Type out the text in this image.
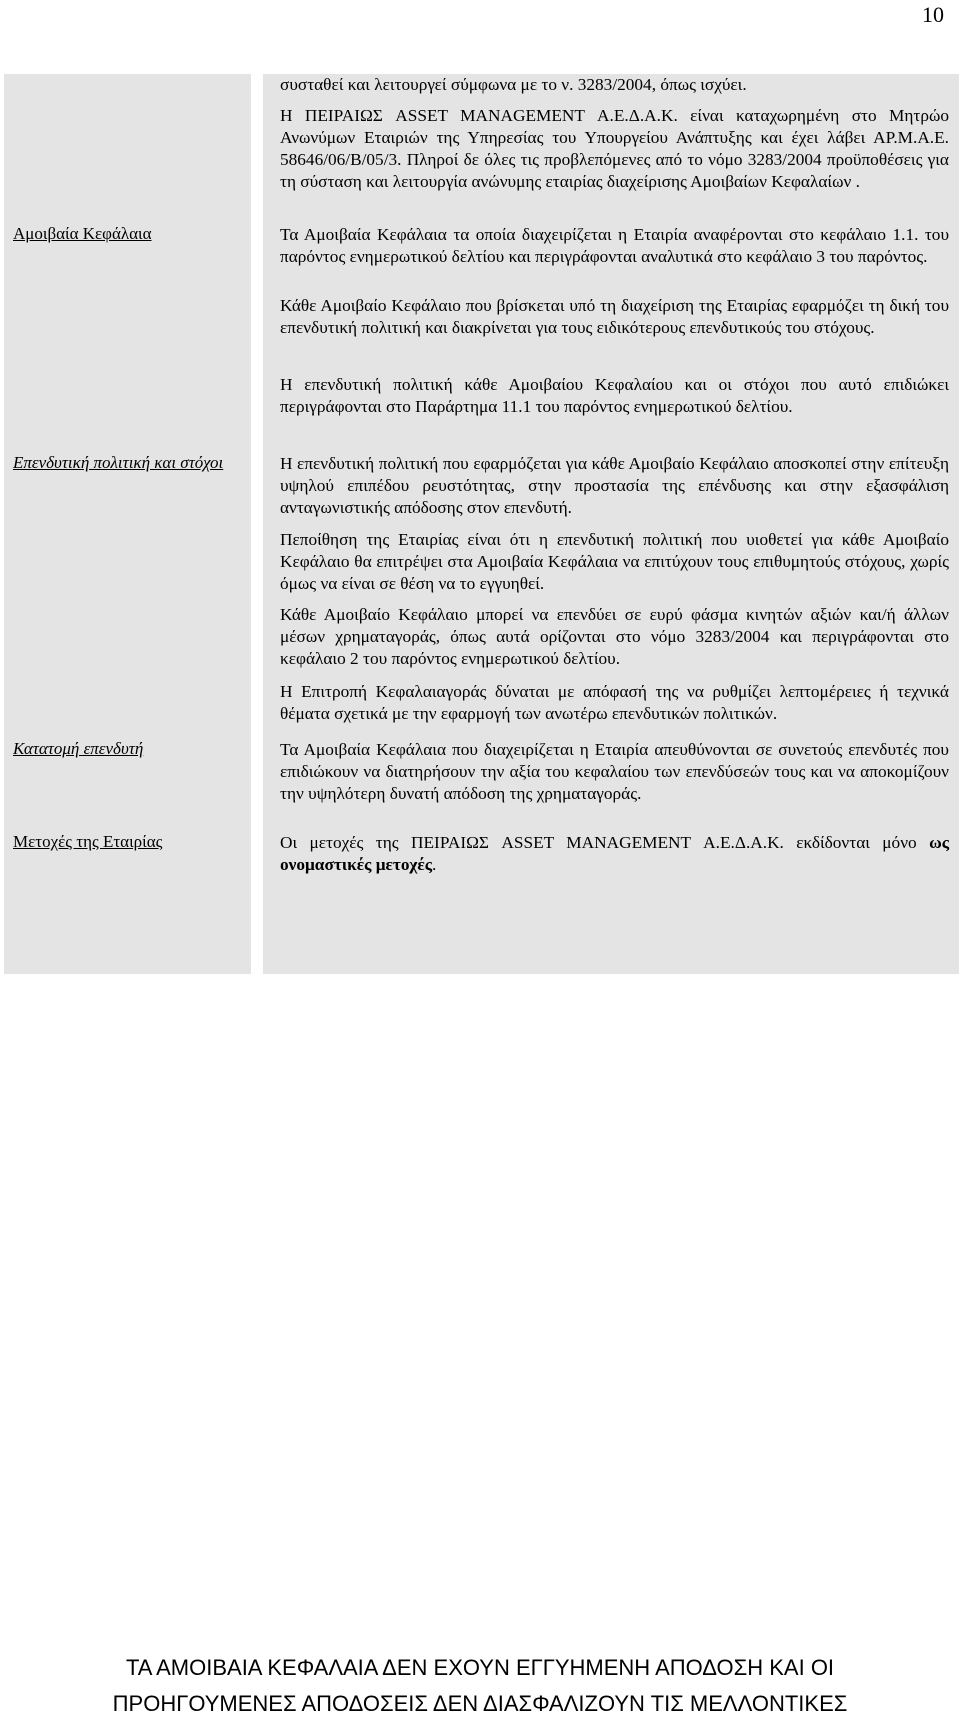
10
Αμοιβαία Κεφάλαια
Επενδυτική πολιτική και στόχοι
Κατατομή επενδυτή
Μετοχές της Εταιρίας

συσταθεί και λειτουργεί σύμφωνα με το ν. 3283/2004, όπως ισχύει.

Η ΠΕΙΡΑΙΩΣ ASSET MANAGEMENT Α.Ε.Δ.Α.Κ. είναι καταχωρημένη στο Μητρώο Ανωνύμων Εταιριών της Υπηρεσίας του Υπουργείου Ανάπτυξης και έχει λάβει ΑΡ.Μ.Α.Ε. 58646/06/Β/05/3. Πληροί δε όλες τις προβλεπόμενες από το νόμο 3283/2004 προϋποθέσεις για τη σύσταση και λειτουργία ανώνυμης εταιρίας διαχείρισης Αμοιβαίων Κεφαλαίων .

Τα Αμοιβαία Κεφάλαια τα οποία διαχειρίζεται η Εταιρία αναφέρονται στο κεφάλαιο 1.1. του παρόντος ενημερωτικού δελτίου και περιγράφονται αναλυτικά στο κεφάλαιο 3 του παρόντος.

Κάθε Αμοιβαίο Κεφάλαιο που βρίσκεται υπό τη διαχείριση της Εταιρίας εφαρμόζει τη δική του επενδυτική πολιτική και διακρίνεται για τους ειδικότερους επενδυτικούς του στόχους.

Η επενδυτική πολιτική κάθε Αμοιβαίου Κεφαλαίου και οι στόχοι που αυτό επιδιώκει περιγράφονται στο Παράρτημα 11.1 του παρόντος ενημερωτικού δελτίου.

Η επενδυτική πολιτική που εφαρμόζεται για κάθε Αμοιβαίο Κεφάλαιο αποσκοπεί στην επίτευξη υψηλού επιπέδου ρευστότητας, στην προστασία της επένδυσης και στην εξασφάλιση ανταγωνιστικής απόδοσης στον επενδυτή.

Πεποίθηση της Εταιρίας είναι ότι η επενδυτική πολιτική που υιοθετεί για κάθε Αμοιβαίο Κεφάλαιο θα επιτρέψει στα Αμοιβαία Κεφάλαια να επιτύχουν τους επιθυμητούς στόχους, χωρίς όμως να είναι σε θέση να το εγγυηθεί.

Κάθε Αμοιβαίο Κεφάλαιο μπορεί να επενδύει σε ευρύ φάσμα κινητών αξιών και/ή άλλων μέσων χρηματαγοράς, όπως αυτά ορίζονται στο νόμο 3283/2004 και περιγράφονται στο κεφάλαιο 2 του παρόντος ενημερωτικού δελτίου.

Η Επιτροπή Κεφαλαιαγοράς δύναται με απόφασή της να ρυθμίζει λεπτομέρειες ή τεχνικά θέματα σχετικά με την εφαρμογή των ανωτέρω επενδυτικών πολιτικών.

Τα Αμοιβαία Κεφάλαια που διαχειρίζεται η Εταιρία απευθύνονται σε συνετούς επενδυτές που επιδιώκουν να διατηρήσουν την αξία του κεφαλαίου των επενδύσεών τους και να αποκομίζουν την υψηλότερη δυνατή απόδοση της χρηματαγοράς.

Οι μετοχές της ΠΕΙΡΑΙΩΣ ASSET MANAGEMENT Α.Ε.Δ.Α.Κ. εκδίδονται μόνο ως ονομαστικές μετοχές.

ΤΑ ΑΜΟΙΒΑΙΑ ΚΕΦΑΛΑΙΑ ΔΕΝ ΕΧΟΥΝ ΕΓΓΥΗΜΕΝΗ ΑΠΟΔΟΣΗ ΚΑΙ ΟΙ
ΠΡΟΗΓΟΥΜΕΝΕΣ ΑΠΟΔΟΣΕΙΣ ΔΕΝ ΔΙΑΣΦΑΛΙΖΟΥΝ ΤΙΣ ΜΕΛΛΟΝΤΙΚΕΣ
